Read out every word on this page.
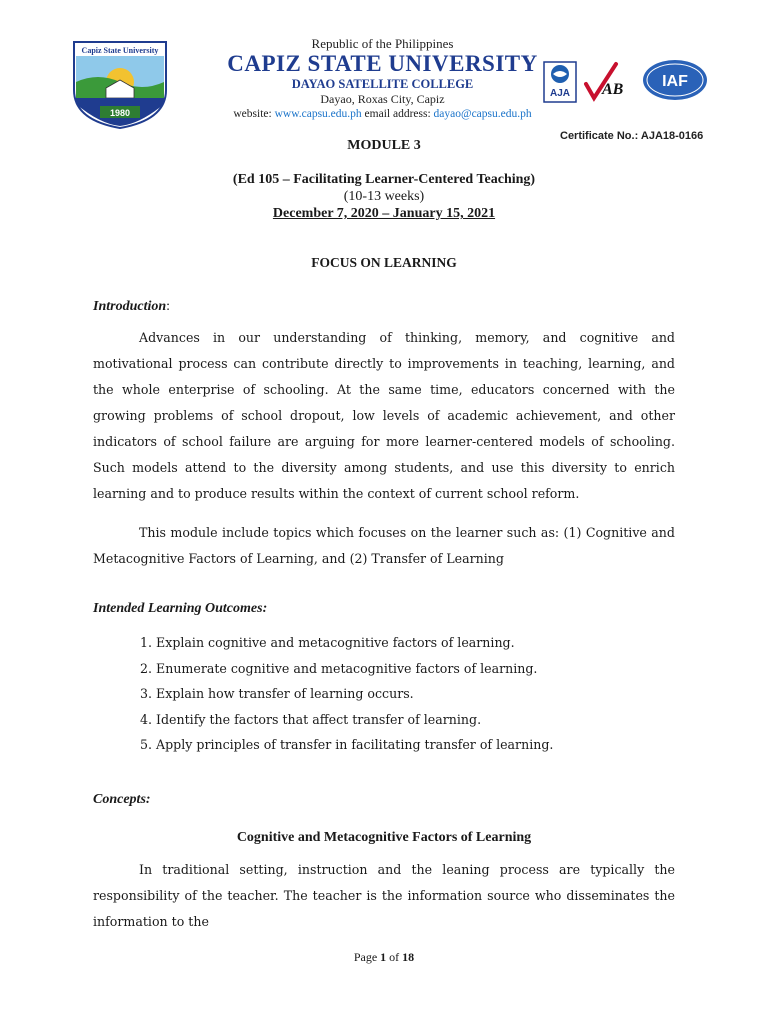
Capiz State University
1980
Republic of the Philippines
CAPIZ STATE UNIVERSITY
DAYAO SATELLITE COLLEGE
Dayao, Roxas City, Capiz
website: www.capsu.edu.ph email address: dayao@capsu.edu.ph
AJA AB IAF
Certificate No.: AJA18-0166
MODULE 3
(Ed 105 – Facilitating Learner-Centered Teaching)
(10-13 weeks)
December 7, 2020 – January 15, 2021
FOCUS ON LEARNING
Introduction:

Advances in our understanding of thinking, memory, and cognitive and motivational process can contribute directly to improvements in teaching, learning, and the whole enterprise of schooling. At the same time, educators concerned with the growing problems of school dropout, low levels of academic achievement, and other indicators of school failure are arguing for more learner-centered models of schooling. Such models attend to the diversity among students, and use this diversity to enrich learning and to produce results within the context of current school reform.

This module include topics which focuses on the learner such as: (1) Cognitive and Metacognitive Factors of Learning, and (2) Transfer of Learning

Intended Learning Outcomes:
1. Explain cognitive and metacognitive factors of learning.
2. Enumerate cognitive and metacognitive factors of learning.
3. Explain how transfer of learning occurs.
4. Identify the factors that affect transfer of learning.
5. Apply principles of transfer in facilitating transfer of learning.
Concepts:
Cognitive and Metacognitive Factors of Learning

In traditional setting, instruction and the leaning process are typically the responsibility of the teacher. The teacher is the information source who disseminates the information to the

Page 1 of 18
